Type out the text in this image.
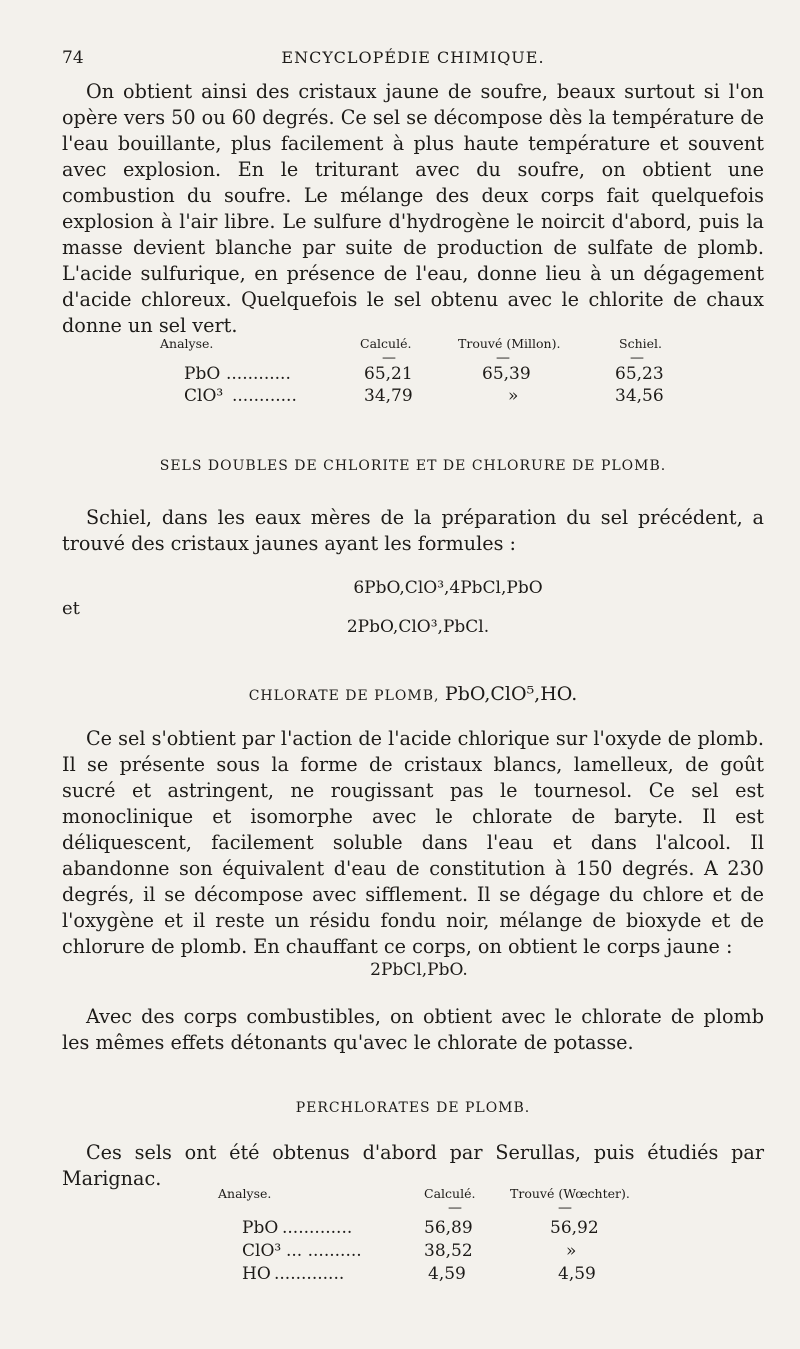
74	ENCYCLOPÉDIE CHIMIQUE.

On obtient ainsi des cristaux jaune de soufre, beaux surtout si l'on opère vers 50 ou 60 degrés. Ce sel se décompose dès la température de l'eau bouillante, plus facilement à plus haute température et souvent avec explosion. En le triturant avec du soufre, on obtient une combustion du soufre. Le mélange des deux corps fait quelquefois explosion à l'air libre. Le sulfure d'hydrogène le noircit d'abord, puis la masse devient blanche par suite de production de sulfate de plomb. L'acide sulfurique, en présence de l'eau, donne lieu à un dégagement d'acide chloreux. Quelquefois le sel obtenu avec le chlorite de chaux donne un sel vert.

Analyse.	Calculé.	Trouvé (Millon).	Schiel.
—	—	—
PbO ............	65,21	65,39	65,23
ClO³ ............	34,79	»	34,56
SELS DOUBLES DE CHLORITE ET DE CHLORURE DE PLOMB.

Schiel, dans les eaux mères de la préparation du sel précédent, a trouvé des cristaux jaunes ayant les formules :

6PbO,ClO³,4PbCl,PbO
et
2PbO,ClO³,PbCl.
CHLORATE DE PLOMB, PbO,ClO⁵,HO.

Ce sel s'obtient par l'action de l'acide chlorique sur l'oxyde de plomb. Il se présente sous la forme de cristaux blancs, lamelleux, de goût sucré et astringent, ne rougissant pas le tournesol. Ce sel est monoclinique et isomorphe avec le chlorate de baryte. Il est déliquescent, facilement soluble dans l'eau et dans l'alcool. Il abandonne son équivalent d'eau de constitution à 150 degrés. A 230 degrés, il se décompose avec sifflement. Il se dégage du chlore et de l'oxygène et il reste un résidu fondu noir, mélange de bioxyde et de chlorure de plomb. En chauffant ce corps, on obtient le corps jaune :

2PbCl,PbO.

Avec des corps combustibles, on obtient avec le chlorate de plomb les mêmes effets détonants qu'avec le chlorate de potasse.

PERCHLORATES DE PLOMB.

Ces sels ont été obtenus d'abord par Serullas, puis étudiés par Marignac.

Analyse.	Calculé.	Trouvé (Wœchter).
—	—
PbO .............	56,89	56,92
ClO³ ... ..........	38,52	»
HO .............	4,59	4,59
